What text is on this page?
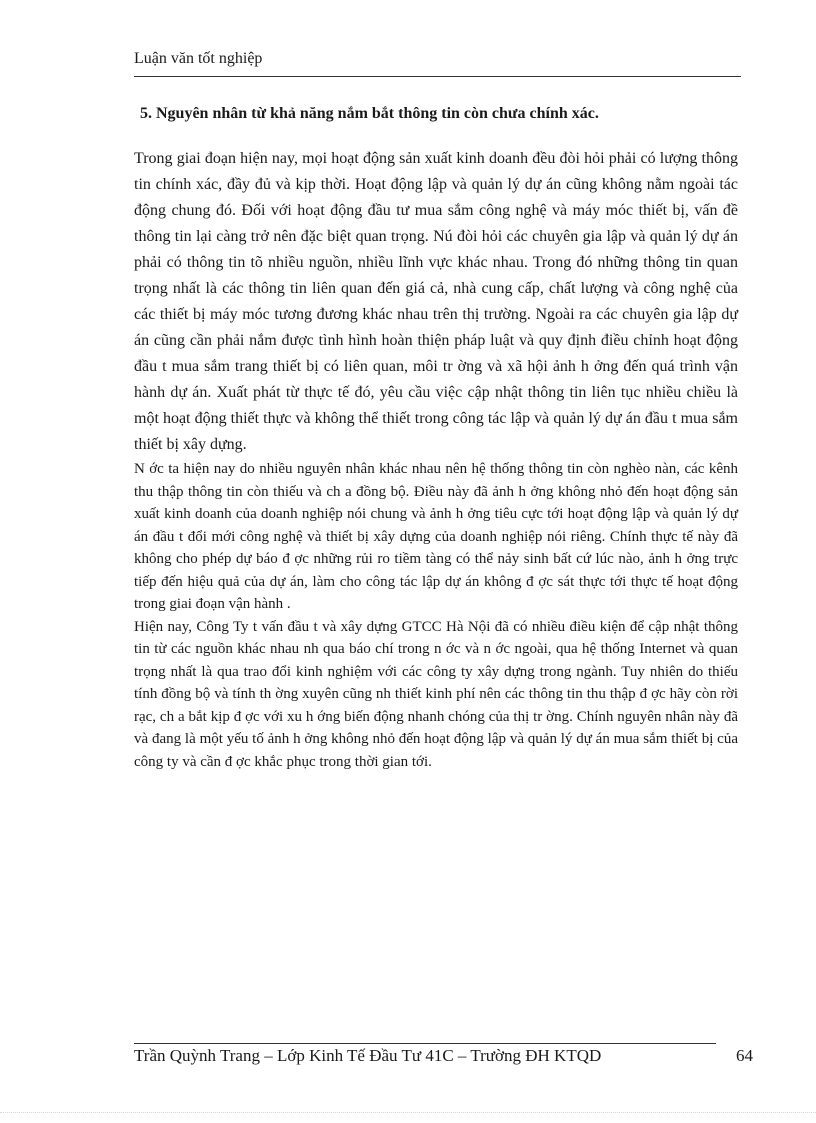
Luận văn tốt nghiệp
5. Nguyên nhân từ khả năng nắm bắt thông tin còn chưa chính xác.

Trong giai đoạn hiện nay, mọi hoạt động sản xuất kinh doanh đều đòi hỏi phải có lượng thông tin chính xác, đầy đủ và kịp thời. Hoạt động lập và quản lý dự án cũng không nằm ngoài tác động chung đó. Đối với hoạt động đầu tư mua sắm công nghệ và máy móc thiết bị, vấn đề thông tin lại càng trở nên đặc biệt quan trọng. Nú đòi hỏi các chuyên gia lập và quản lý dự án phải có thông tin tõ nhiều nguồn, nhiều lĩnh vực khác nhau. Trong đó những thông tin quan trọng nhất là các thông tin liên quan đến giá cả, nhà cung cấp, chất lượng và công nghệ của các thiết bị máy móc tương đương khác nhau trên thị trường. Ngoài ra các chuyên gia lập dự án cũng cần phải nắm được tình hình hoàn thiện pháp luật và quy định điều chỉnh hoạt động đầu t mua sắm trang thiết bị có liên quan, môi tr ờng và xã hội ảnh h ởng đến quá trình vận hành dự án. Xuất phát từ thực tế đó, yêu cầu việc cập nhật thông tin liên tục nhiều chiều là một hoạt động thiết thực và không thể thiết trong công tác lập và quản lý dự án đầu t mua sắm thiết bị xây dựng.

N ớc ta hiện nay do nhiều nguyên nhân khác nhau nên hệ thống thông tin còn nghèo nàn, các kênh thu thập thông tin còn thiếu và ch a đồng bộ. Điều này đã ảnh h ởng không nhỏ đến hoạt động sản xuất kinh doanh của doanh nghiệp nói chung và ảnh h ởng tiêu cực tới hoạt động lập và quản lý dự án đầu t đổi mới công nghệ và thiết bị xây dựng của doanh nghiệp nói riêng. Chính thực tế này đã không cho phép dự báo đ ợc những rủi ro tiềm tàng có thể nảy sinh bất cứ lúc nào, ảnh h ởng trực tiếp đến hiệu quả của dự án, làm cho công tác lập dự án không đ ợc sát thực tới thực tế hoạt động trong giai đoạn vận hành .

Hiện nay, Công Ty t vấn đầu t và xây dựng GTCC Hà Nội đã có nhiều điều kiện để cập nhật thông tin từ các nguồn khác nhau nh qua báo chí trong n ớc và n ớc ngoài, qua hệ thống Internet và quan trọng nhất là qua trao đổi kinh nghiệm với các công ty xây dựng trong ngành. Tuy nhiên do thiếu tính đồng bộ và tính th ờng xuyên cũng nh thiết kinh phí nên các thông tin thu thập đ ợc hãy còn rời rạc, ch a bắt kịp đ ợc với xu h ớng biến động nhanh chóng của thị tr ờng. Chính nguyên nhân này đã và đang là một yếu tố ảnh h ởng không nhỏ đến hoạt động lập và quản lý dự án mua sắm thiết bị của công ty và cần đ ợc khắc phục trong thời gian tới.

Trần Quỳnh Trang – Lớp Kinh Tế Đầu Tư 41C – Trường ĐH KTQD	64
